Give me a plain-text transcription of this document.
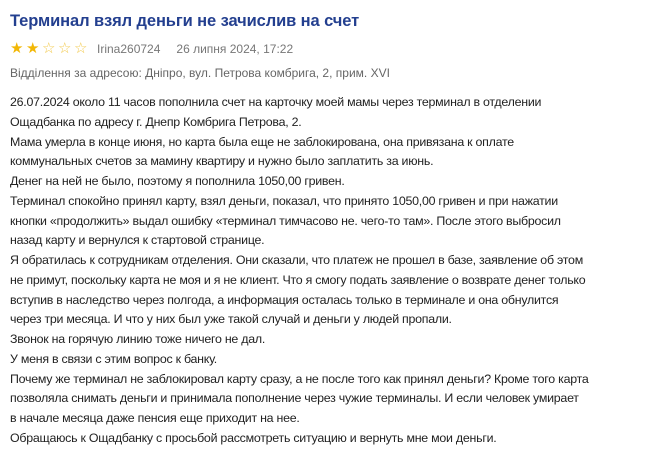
Терминал взял деньги не зачислив на счет
★ ★ ☆ ☆ ☆ Irina260724 26 липня 2024, 17:22
Відділення за адресою: Дніпро, вул. Петрова комбрига, 2, прим. XVI
26.07.2024 около 11 часов пополнила счет на карточку моей мамы через терминал в отделении
Ощадбанка по адресу г. Днепр Комбрига Петрова, 2.
Мама умерла в конце июня, но карта была еще не заблокирована, она привязана к оплате
коммунальных счетов за мамину квартиру и нужно было заплатить за июнь.
Денег на ней не было, поэтому я пополнила 1050,00 гривен.
Терминал спокойно принял карту, взял деньги, показал, что принято 1050,00 гривен и при нажатии
кнопки «продолжить» выдал ошибку «терминал тимчасово не. чего-то там». После этого выбросил
назад карту и вернулся к стартовой странице.
Я обратилась к сотрудникам отделения. Они сказали, что платеж не прошел в базе, заявление об этом
не примут, поскольку карта не моя и я не клиент. Что я смогу подать заявление о возврате денег только
вступив в наследство через полгода, а информация осталась только в терминале и она обнулится
через три месяца. И что у них был уже такой случай и деньги у людей пропали.
Звонок на горячую линию тоже ничего не дал.
У меня в связи с этим вопрос к банку.
Почему же терминал не заблокировал карту сразу, а не после того как принял деньги? Кроме того карта
позволяла снимать деньги и принимала пополнение через чужие терминалы. И если человек умирает
в начале месяца даже пенсия еще приходит на нее.
Обращаюсь к Ощадбанку с просьбой рассмотреть ситуацию и вернуть мне мои деньги.
